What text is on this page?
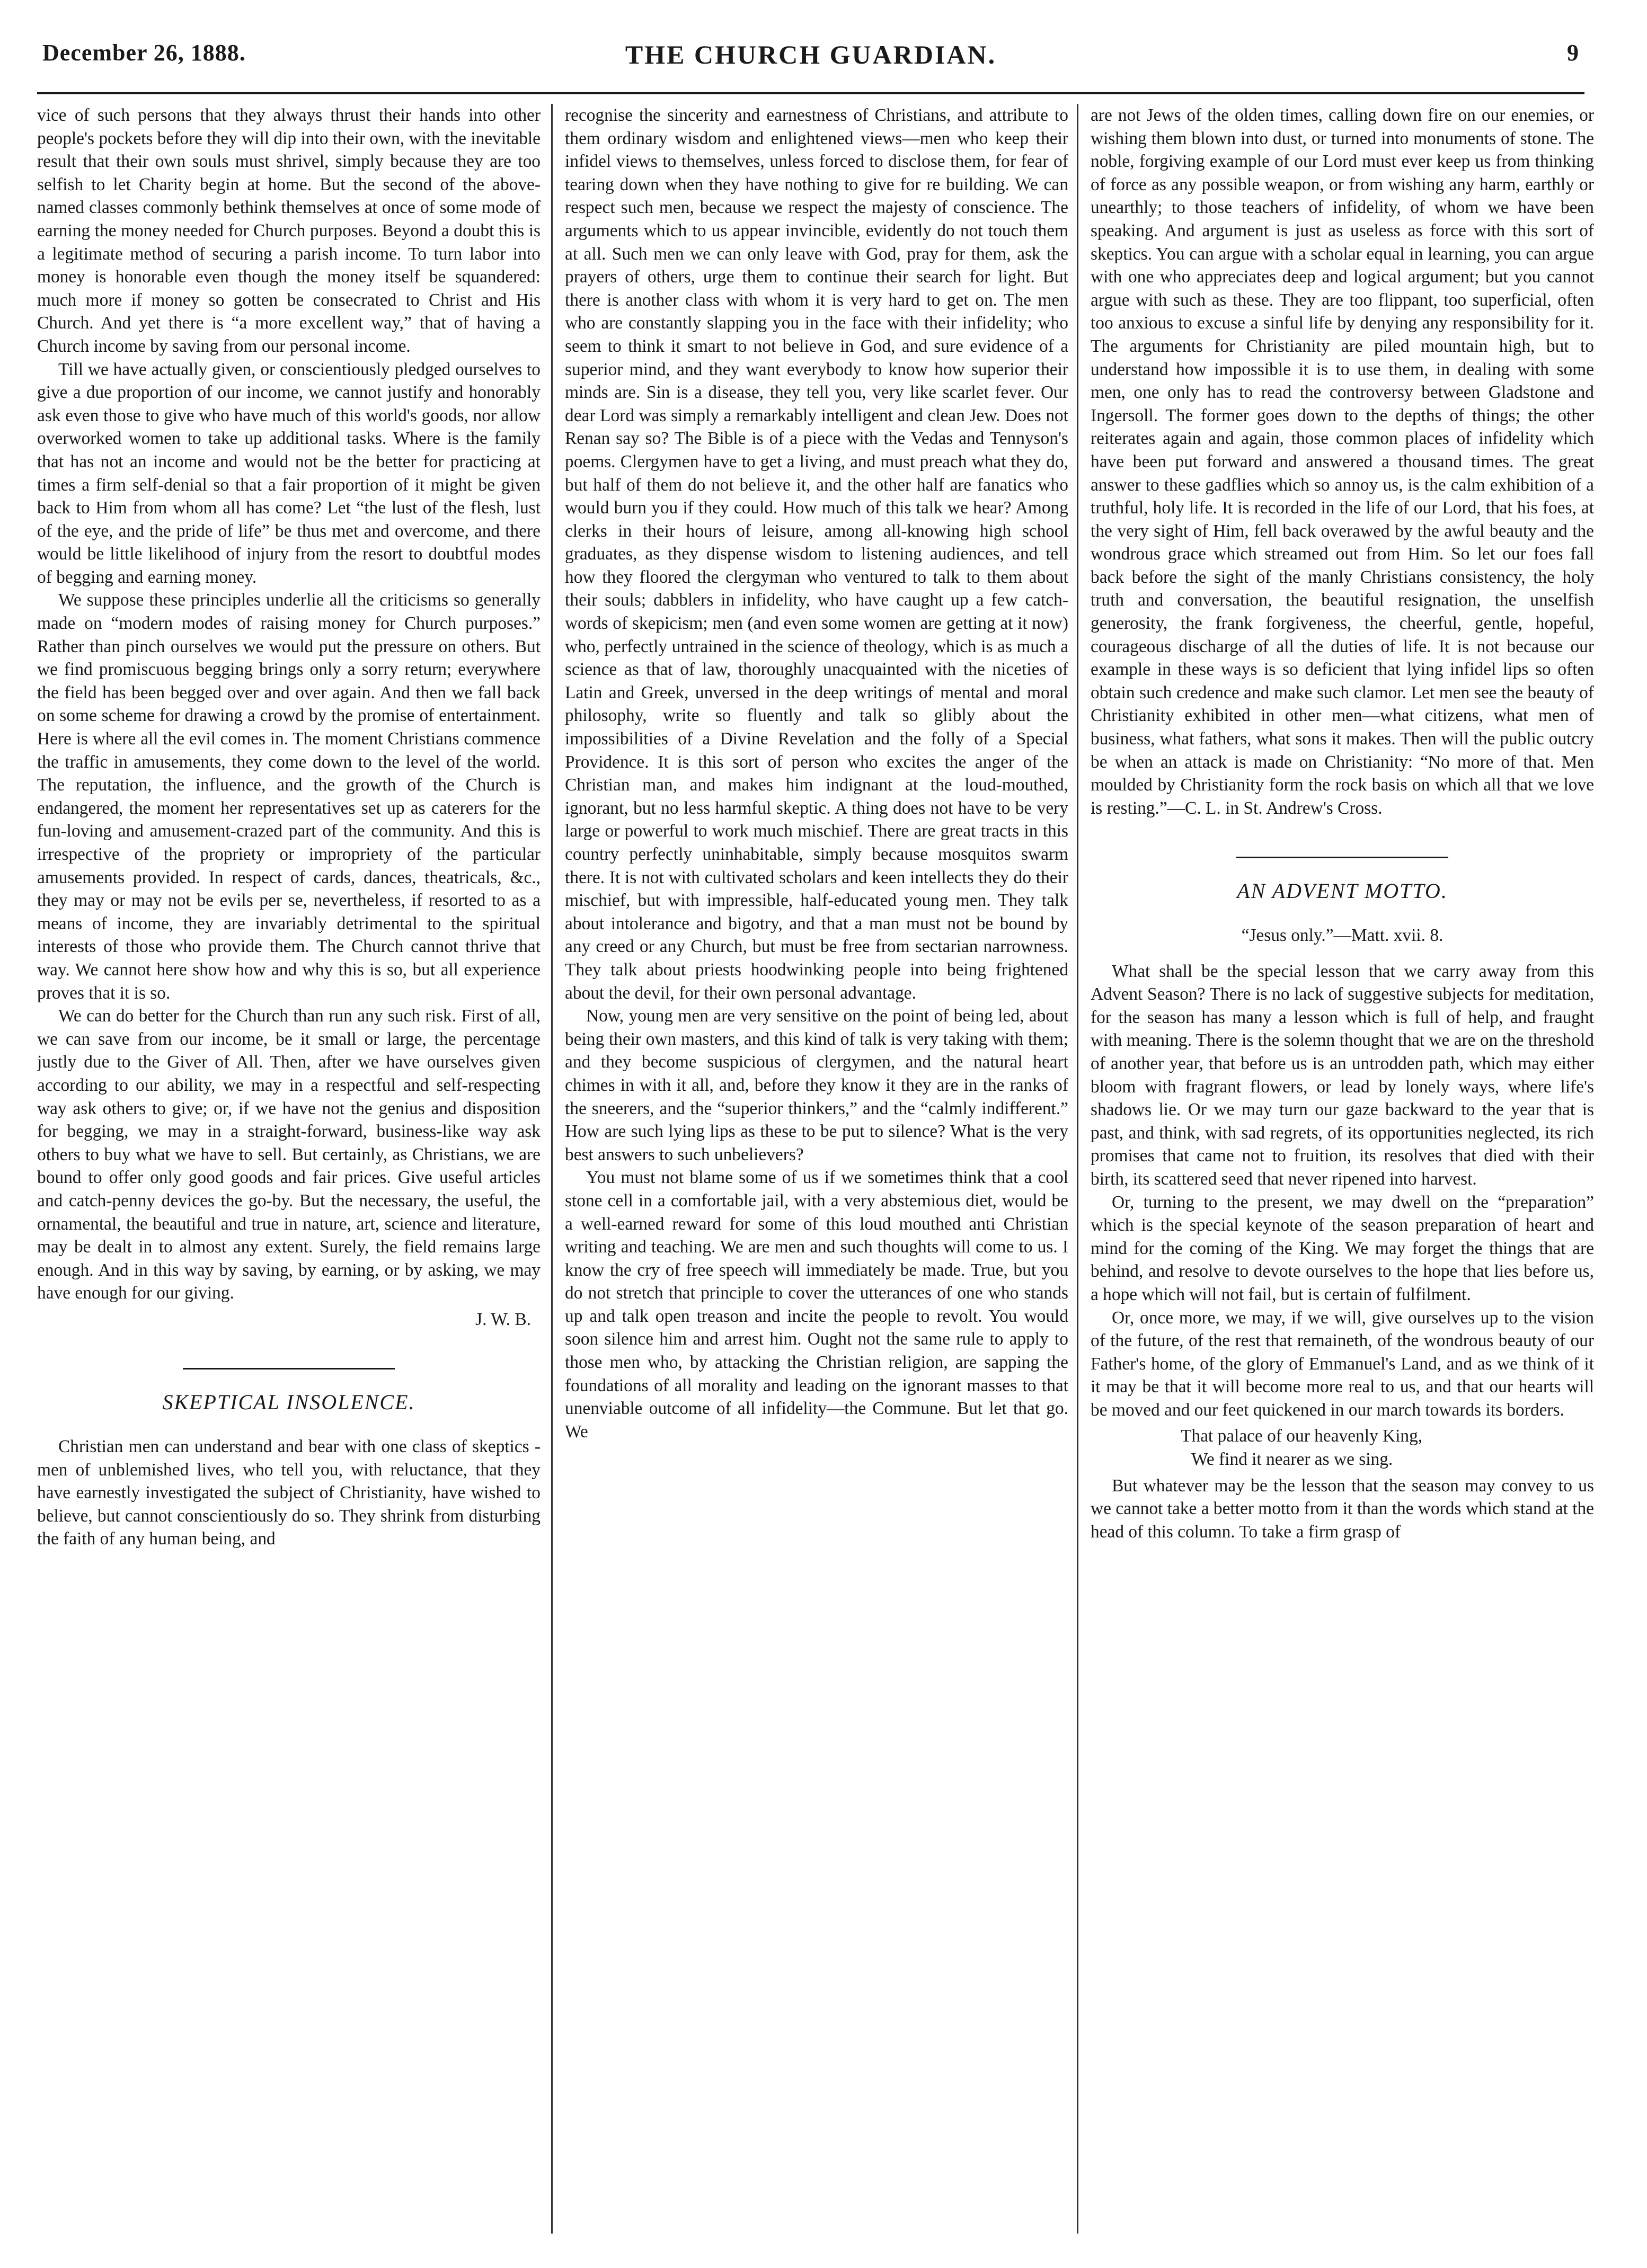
December 26, 1888.	THE CHURCH GUARDIAN.	9

vice of such persons that they always thrust their hands into other people's pockets before they will dip into their own, with the inevitable result that their own souls must shrivel, simply because they are too selfish to let Charity begin at home. But the second of the above-named classes commonly bethink themselves at once of some mode of earning the money needed for Church purposes. Beyond a doubt this is a legitimate method of securing a parish income. To turn labor into money is honorable even though the money itself be squandered: much more if money so gotten be consecrated to Christ and His Church. And yet there is “a more excellent way,” that of having a Church income by saving from our personal income.

Till we have actually given, or conscientiously pledged ourselves to give a due proportion of our income, we cannot justify and honorably ask even those to give who have much of this world's goods, nor allow overworked women to take up additional tasks. Where is the family that has not an income and would not be the better for practicing at times a firm self-denial so that a fair proportion of it might be given back to Him from whom all has come? Let “the lust of the flesh, lust of the eye, and the pride of life” be thus met and overcome, and there would be little likelihood of injury from the resort to doubtful modes of begging and earning money.

We suppose these principles underlie all the criticisms so generally made on “modern modes of raising money for Church purposes.” Rather than pinch ourselves we would put the pressure on others. But we find promiscuous begging brings only a sorry return; everywhere the field has been begged over and over again. And then we fall back on some scheme for drawing a crowd by the promise of entertainment. Here is where all the evil comes in. The moment Christians commence the traffic in amusements, they come down to the level of the world. The reputation, the influence, and the growth of the Church is endangered, the moment her representatives set up as caterers for the fun-loving and amusement-crazed part of the community. And this is irrespective of the propriety or impropriety of the particular amusements provided. In respect of cards, dances, theatricals, &c., they may or may not be evils per se, nevertheless, if resorted to as a means of income, they are invariably detrimental to the spiritual interests of those who provide them. The Church cannot thrive that way. We cannot here show how and why this is so, but all experience proves that it is so.

We can do better for the Church than run any such risk. First of all, we can save from our income, be it small or large, the percentage justly due to the Giver of All. Then, after we have ourselves given according to our ability, we may in a respectful and self-respecting way ask others to give; or, if we have not the genius and disposition for begging, we may in a straight-forward, business-like way ask others to buy what we have to sell. But certainly, as Christians, we are bound to offer only good goods and fair prices. Give useful articles and catch-penny devices the go-by. But the necessary, the useful, the ornamental, the beautiful and true in nature, art, science and literature, may be dealt in to almost any extent. Surely, the field remains large enough. And in this way by saving, by earning, or by asking, we may have enough for our giving.

J. W. B.
SKEPTICAL INSOLENCE.

Christian men can understand and bear with one class of skeptics - men of unblemished lives, who tell you, with reluctance, that they have earnestly investigated the subject of Christianity, have wished to believe, but cannot conscientiously do so. They shrink from disturbing the faith of any human being, and

recognise the sincerity and earnestness of Christians, and attribute to them ordinary wisdom and enlightened views—men who keep their infidel views to themselves, unless forced to disclose them, for fear of tearing down when they have nothing to give for re building. We can respect such men, because we respect the majesty of conscience. The arguments which to us appear invincible, evidently do not touch them at all. Such men we can only leave with God, pray for them, ask the prayers of others, urge them to continue their search for light. But there is another class with whom it is very hard to get on. The men who are constantly slapping you in the face with their infidelity; who seem to think it smart to not believe in God, and sure evidence of a superior mind, and they want everybody to know how superior their minds are. Sin is a disease, they tell you, very like scarlet fever. Our dear Lord was simply a remarkably intelligent and clean Jew. Does not Renan say so? The Bible is of a piece with the Vedas and Tennyson's poems. Clergymen have to get a living, and must preach what they do, but half of them do not believe it, and the other half are fanatics who would burn you if they could. How much of this talk we hear? Among clerks in their hours of leisure, among all-knowing high school graduates, as they dispense wisdom to listening audiences, and tell how they floored the clergyman who ventured to talk to them about their souls; dabblers in infidelity, who have caught up a few catch-words of skepicism; men (and even some women are getting at it now) who, perfectly untrained in the science of theology, which is as much a science as that of law, thoroughly unacquainted with the niceties of Latin and Greek, unversed in the deep writings of mental and moral philosophy, write so fluently and talk so glibly about the impossibilities of a Divine Revelation and the folly of a Special Providence. It is this sort of person who excites the anger of the Christian man, and makes him indignant at the loud-mouthed, ignorant, but no less harmful skeptic. A thing does not have to be very large or powerful to work much mischief. There are great tracts in this country perfectly uninhabitable, simply because mosquitos swarm there. It is not with cultivated scholars and keen intellects they do their mischief, but with impressible, half-educated young men. They talk about intolerance and bigotry, and that a man must not be bound by any creed or any Church, but must be free from sectarian narrowness. They talk about priests hoodwinking people into being frightened about the devil, for their own personal advantage.

Now, young men are very sensitive on the point of being led, about being their own masters, and this kind of talk is very taking with them; and they become suspicious of clergymen, and the natural heart chimes in with it all, and, before they know it they are in the ranks of the sneerers, and the “superior thinkers,” and the “calmly indifferent.” How are such lying lips as these to be put to silence? What is the very best answers to such unbelievers?

You must not blame some of us if we sometimes think that a cool stone cell in a comfortable jail, with a very abstemious diet, would be a well-earned reward for some of this loud mouthed anti Christian writing and teaching. We are men and such thoughts will come to us. I know the cry of free speech will immediately be made. True, but you do not stretch that principle to cover the utterances of one who stands up and talk open treason and incite the people to revolt. You would soon silence him and arrest him. Ought not the same rule to apply to those men who, by attacking the Christian religion, are sapping the foundations of all morality and leading on the ignorant masses to that unenviable outcome of all infidelity—the Commune. But let that go. We

are not Jews of the olden times, calling down fire on our enemies, or wishing them blown into dust, or turned into monuments of stone. The noble, forgiving example of our Lord must ever keep us from thinking of force as any possible weapon, or from wishing any harm, earthly or unearthly; to those teachers of infidelity, of whom we have been speaking. And argument is just as useless as force with this sort of skeptics. You can argue with a scholar equal in learning, you can argue with one who appreciates deep and logical argument; but you cannot argue with such as these. They are too flippant, too superficial, often too anxious to excuse a sinful life by denying any responsibility for it. The arguments for Christianity are piled mountain high, but to understand how impossible it is to use them, in dealing with some men, one only has to read the controversy between Gladstone and Ingersoll. The former goes down to the depths of things; the other reiterates again and again, those common places of infidelity which have been put forward and answered a thousand times. The great answer to these gadflies which so annoy us, is the calm exhibition of a truthful, holy life. It is recorded in the life of our Lord, that his foes, at the very sight of Him, fell back overawed by the awful beauty and the wondrous grace which streamed out from Him. So let our foes fall back before the sight of the manly Christians consistency, the holy truth and conversation, the beautiful resignation, the unselfish generosity, the frank forgiveness, the cheerful, gentle, hopeful, courageous discharge of all the duties of life. It is not because our example in these ways is so deficient that lying infidel lips so often obtain such credence and make such clamor. Let men see the beauty of Christianity exhibited in other men—what citizens, what men of business, what fathers, what sons it makes. Then will the public outcry be when an attack is made on Christianity: “No more of that. Men moulded by Christianity form the rock basis on which all that we love is resting.”—C. L. in St. Andrew's Cross.

AN ADVENT MOTTO.
“Jesus only.”—Matt. xvii. 8.

What shall be the special lesson that we carry away from this Advent Season? There is no lack of suggestive subjects for meditation, for the season has many a lesson which is full of help, and fraught with meaning. There is the solemn thought that we are on the threshold of another year, that before us is an untrodden path, which may either bloom with fragrant flowers, or lead by lonely ways, where life's shadows lie. Or we may turn our gaze backward to the year that is past, and think, with sad regrets, of its opportunities neglected, its rich promises that came not to fruition, its resolves that died with their birth, its scattered seed that never ripened into harvest.

Or, turning to the present, we may dwell on the “preparation” which is the special keynote of the season preparation of heart and mind for the coming of the King. We may forget the things that are behind, and resolve to devote ourselves to the hope that lies before us, a hope which will not fail, but is certain of fulfilment.

Or, once more, we may, if we will, give ourselves up to the vision of the future, of the rest that remaineth, of the wondrous beauty of our Father's home, of the glory of Emmanuel's Land, and as we think of it it may be that it will become more real to us, and that our hearts will be moved and our feet quickened in our march towards its borders.

That palace of our heavenly King,
We find it nearer as we sing.

But whatever may be the lesson that the season may convey to us we cannot take a better motto from it than the words which stand at the head of this column. To take a firm grasp of
